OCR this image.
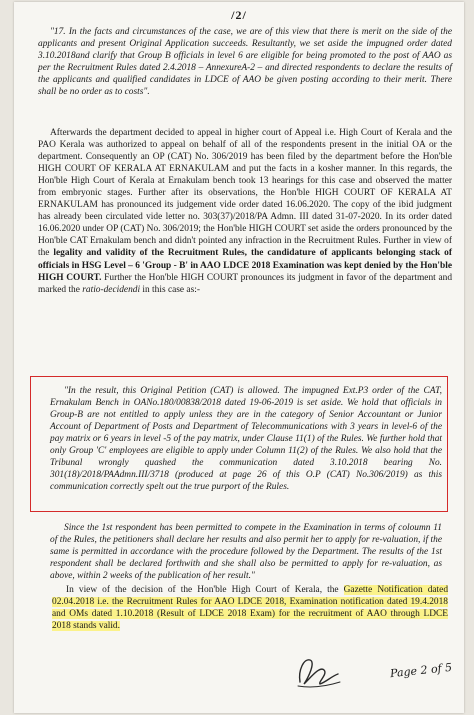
/2/

"17. In the facts and circumstances of the case, we are of this view that there is merit on the side of the applicants and present Original Application succeeds. Resultantly, we set aside the impugned order dated 3.10.2018and clarify that Group B officials in level 6 are eligible for being promoted to the post of AAO as per the Recruitment Rules dated 2.4.2018 – AnnexureA-2 – and directed respondents to declare the results of the applicants and qualified candidates in LDCE of AAO be given posting according to their merit. There shall be no order as to costs".

Afterwards the department decided to appeal in higher court of Appeal i.e. High Court of Kerala and the PAO Kerala was authorized to appeal on behalf of all of the respondents present in the initial OA or the department. Consequently an OP (CAT) No. 306/2019 has been filed by the department before the Hon'ble HIGH COURT OF KERALA AT ERNAKULAM and put the facts in a kosher manner. In this regards, the Hon'ble High Court of Kerala at Ernakulam bench took 13 hearings for this case and observed the matter from embryonic stages. Further after its observations, the Hon'ble HIGH COURT OF KERALA AT ERNAKULAM has pronounced its judgement vide order dated 16.06.2020. The copy of the ibid judgment has already been circulated vide letter no. 303(37)/2018/PA Admn. III dated 31-07-2020. In its order dated 16.06.2020 under OP (CAT) No. 306/2019; the Hon'ble HIGH COURT set aside the orders pronounced by the Hon'ble CAT Ernakulam bench and didn't pointed any infraction in the Recruitment Rules. Further in view of the legality and validity of the Recruitment Rules, the candidature of applicants belonging stack of officials in HSG Level – 6 'Group - B' in AAO LDCE 2018 Examination was kept denied by the Hon'ble HIGH COURT. Further the Hon'ble HIGH COURT pronounces its judgment in favor of the department and marked the ratio-decidendi in this case as:-

"In the result, this Original Petition (CAT) is allowed. The impugned Ext.P3 order of the CAT, Ernakulam Bench in OANo.180/00838/2018 dated 19-06-2019 is set aside. We hold that officials in Group-B are not entitled to apply unless they are in the category of Senior Accountant or Junior Account of Department of Posts and Department of Telecommunications with 3 years in level-6 of the pay matrix or 6 years in level -5 of the pay matrix, under Clause 11(1) of the Rules. We further hold that only Group 'C' employees are eligible to apply under Column 11(2) of the Rules. We also hold that the Tribunal wrongly quashed the communication dated 3.10.2018 bearing No. 301(18)/2018/PAAdmn.III/3718 (produced at page 26 of this O.P (CAT) No.306/2019) as this communication correctly spelt out the true purport of the Rules.

Since the 1st respondent has been permitted to compete in the Examination in terms of coloumn 11 of the Rules, the petitioners shall declare her results and also permit her to apply for re-valuation, if the same is permitted in accordance with the procedure followed by the Department. The results of the 1st respondent shall be declared forthwith and she shall also be permitted to apply for re-valuation, as above, within 2 weeks of the publication of her result."

In view of the decision of the Hon'ble High Court of Kerala, the Gazette Notification dated 02.04.2018 i.e. the Recruitment Rules for AAO LDCE 2018, Examination notification dated 19.4.2018 and OMs dated 1.10.2018 (Result of LDCE 2018 Exam) for the recruitment of AAO through LDCE 2018 stands valid.

Page 2 of 5
